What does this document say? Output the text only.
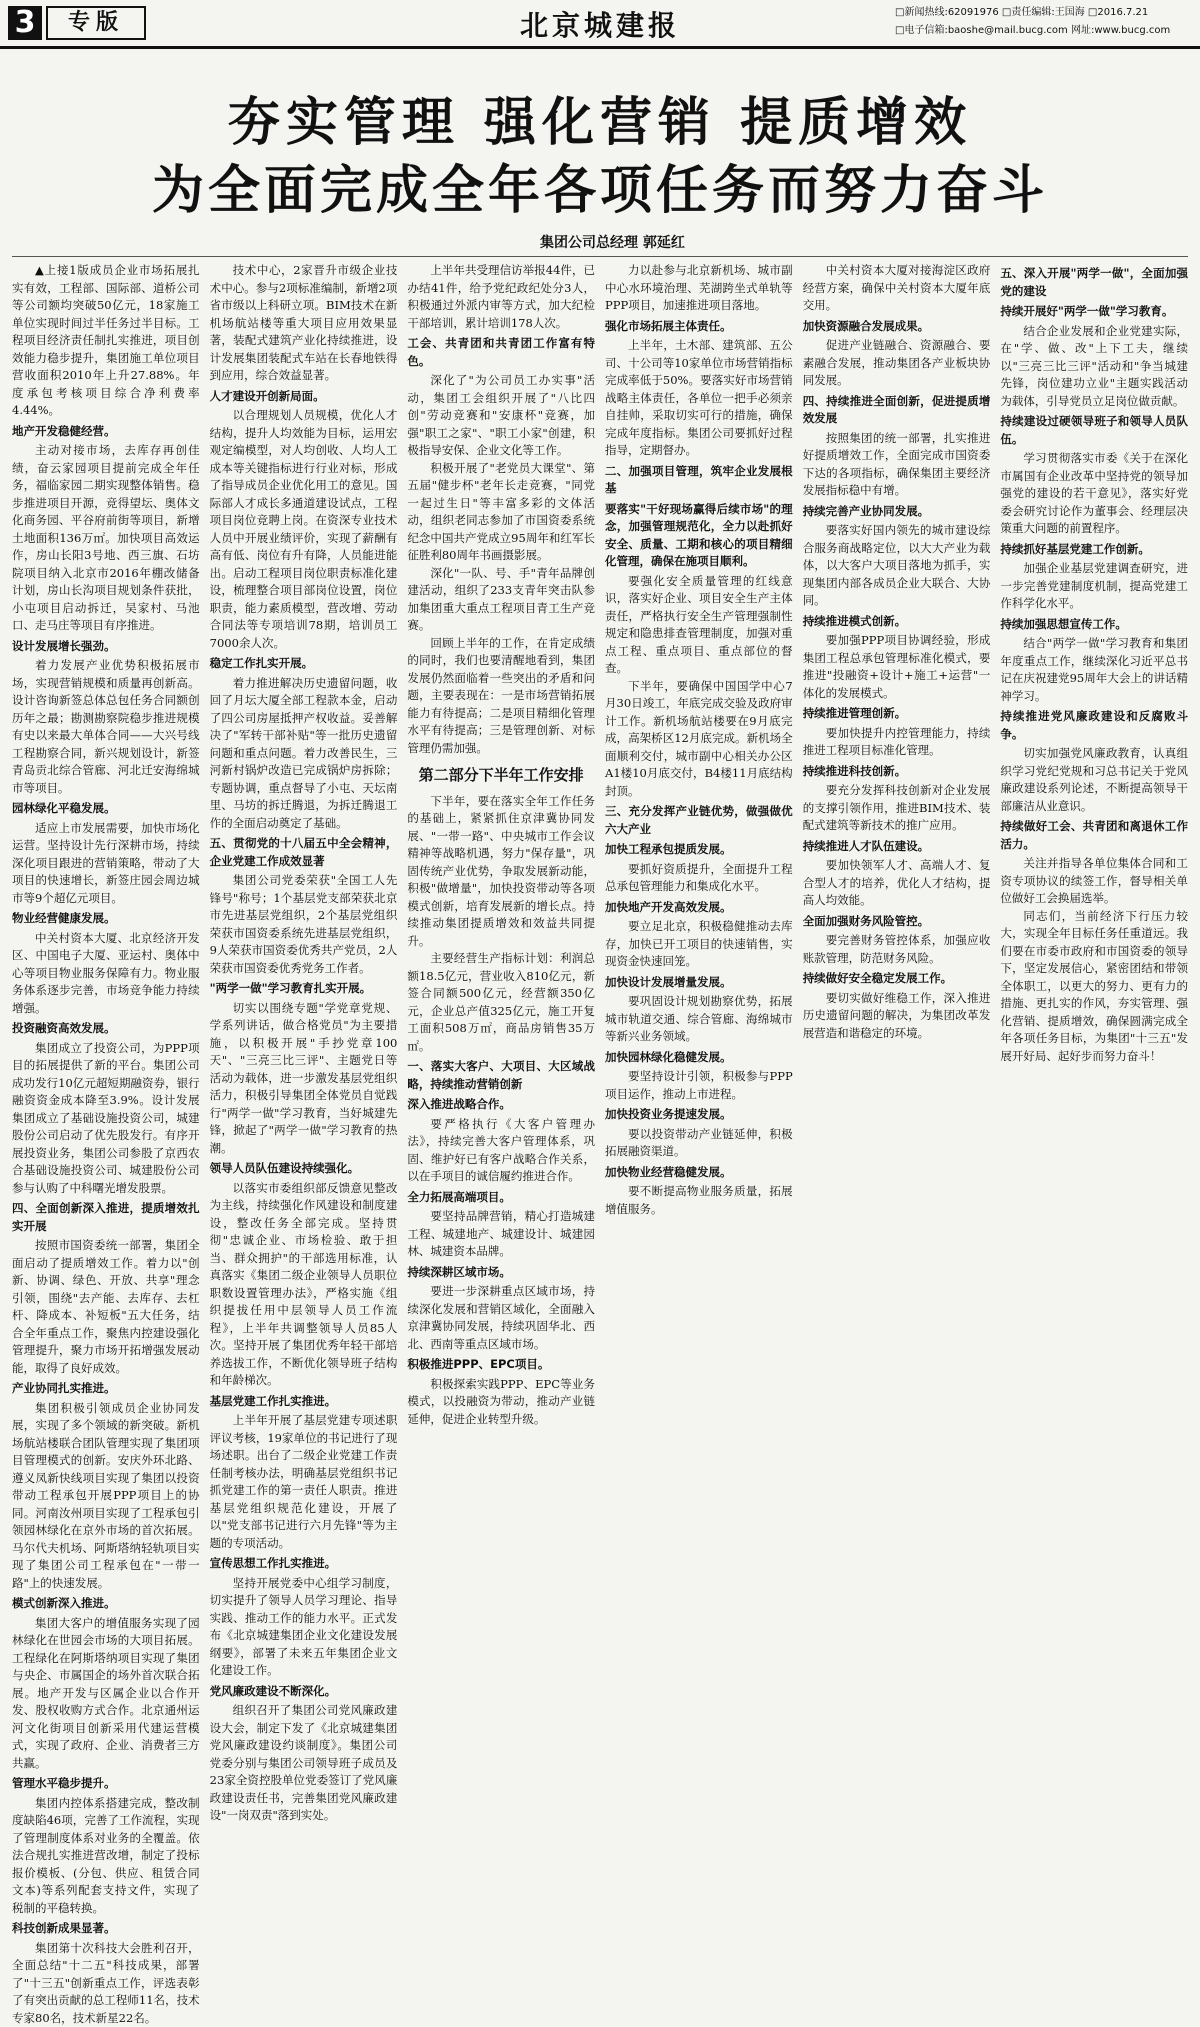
3	专版	北京城建报	□新闻热线:62091976 □责任编辑:王国海 □2016.7.21
□电子信箱:baoshe@mail.bucg.com 网址:www.bucg.com
夯实管理 强化营销 提质增效
为全面完成全年各项任务而努力奋斗
集团公司总经理 郭延红

▲上接1版成员企业市场拓展扎实有效，工程部、国际部、道桥公司等公司额均突破50亿元，18家施工单位实现时间过半任务过半目标。工程项目经济责任制扎实推进，项目创效能力稳步提升，集团施工单位项目营收面积2010年上升27.88%。年度承包考核项目综合净利费率4.44%。

地产开发稳健经营。

主动对接市场，去库存再创佳绩，奋云家园项目提前完成全年任务，福临家园二期实现整体销售。稳步推进项目开源，竞得望坛、奥体文化商务园、平谷府前街等项目，新增土地面积136万㎡。加快项目高效运作，房山长阳3号地、西三旗、石坊院项目纳入北京市2016年棚改储备计划，房山长沟项目规划条件获批，小屯项目启动拆迁，吴家村、马池口、走马庄等项目有序推进。

设计发展增长强劲。

着力发展产业优势积极拓展市场，实现营销规模和质量再创新高。设计咨询新签总体总包任务合同额创历年之最；勘测勘察院稳步推进规模有史以来最大单体合同——大兴号线工程勘察合同，新兴规划设计，新签青岛贡北综合管廊、河北迁安海绵城市等项目。

园林绿化平稳发展。

适应上市发展需要，加快市场化运营。坚持设计先行深耕市场，持续深化项目跟进的营销策略，带动了大项目的快速增长，新签庄园会周边城市等9个超亿元项目。

物业经营健康发展。

中关村资本大厦、北京经济开发区、中国电子大厦、亚运村、奥体中心等项目物业服务保障有力。物业服务体系逐步完善，市场竞争能力持续增强。

投资融资高效发展。

集团成立了投资公司，为PPP项目的拓展提供了新的平台。集团公司成功发行10亿元超短期融资券，银行融资资金成本降至3.9%。设计发展集团成立了基础设施投资公司，城建股份公司启动了优先股发行。有序开展投资业务，集团公司参股了京西农合基础设施投资公司、城建股份公司参与认购了中科曙光增发股票。

四、全面创新深入推进，提质增效扎实开展

按照市国资委统一部署，集团全面启动了提质增效工作。着力以"创新、协调、绿色、开放、共享"理念引领，围绕"去产能、去库存、去杠杆、降成本、补短板"五大任务，结合全年重点工作，聚焦内控建设强化管理提升，聚力市场开拓增强发展动能，取得了良好成效。

产业协同扎实推进。

集团积极引领成员企业协同发展，实现了多个领域的新突破。新机场航站楼联合团队管理实现了集团项目管理模式的创新。安庆外环北路、遵义凤新快线项目实现了集团以投资带动工程承包开展PPP项目上的协同。河南汝州项目实现了工程承包引领园林绿化在京外市场的首次拓展。马尔代夫机场、阿斯塔纳轻轨项目实现了集团公司工程承包在"一带一路"上的快速发展。

模式创新深入推进。

集团大客户的增值服务实现了园林绿化在世园会市场的大项目拓展。工程绿化在阿斯塔纳项目实现了集团与央企、市属国企的场外首次联合拓展。地产开发与区属企业以合作开发、股权收购方式合作。北京通州运河文化街项目创新采用代建运营模式，实现了政府、企业、消费者三方共赢。

管理水平稳步提升。

集团内控体系搭建完成，整改制度缺陷46项，完善了工作流程，实现了管理制度体系对业务的全覆盖。依法合规扎实推进营改增，制定了投标报价模板、(分包、供应、租赁合同文本)等系列配套支持文件，实现了税制的平稳转换。

科技创新成果显著。

集团第十次科技大会胜利召开，全面总结"十二五"科技成果，部署了"十三五"创新重点工作，评选表彰了有突出贡献的总工程师11名，技术专家80名，技术新星22名。

技术中心，2家晋升市级企业技术中心。参与2项标准编制，新增2项省市级以上科研立项。BIM技术在新机场航站楼等重大项目应用效果显著，装配式建筑产业化持续推进，设计发展集团装配式车站在长春地铁得到应用，综合效益显著。

人才建设开创新局面。

以合理规划人员规模，优化人才结构，提升人均效能为目标，运用宏观定编模型，对人均创收、人均人工成本等关键指标进行行业对标，形成了指导成员企业优化用工的意见。国际部人才成长多通道建设试点，工程项目岗位竞聘上岗。在资深专业技术人员中开展业绩评价，实现了薪酬有高有低、岗位有升有降，人员能进能出。启动工程项目岗位职责标准化建设，梳理整合项目部岗位设置，岗位职责，能力素质模型，营改增、劳动合同法等专项培训78期，培训员工7000余人次。

稳定工作扎实开展。

着力推进解决历史遗留问题，收回了月坛大厦全部工程款本金，启动了四公司房屋抵押产权收益。妥善解决了"军转干部补贴"等一批历史遗留问题和重点问题。着力改善民生，三河新村锅炉改造已完成锅炉房拆除；专题协调，重点督导了小屯、天坛南里、马坊的拆迁腾退，为拆迁腾退工作的全面启动奠定了基础。

五、贯彻党的十八届五中全会精神，企业党建工作成效显著

集团公司党委荣获"全国工人先锋号"称号；1个基层党支部荣获北京市先进基层党组织，2个基层党组织荣获市国资委系统先进基层党组织，9人荣获市国资委优秀共产党员，2人荣获市国资委优秀党务工作者。

"两学一做"学习教育扎实开展。

切实以围绕专题"学党章党规、学系列讲话，做合格党员"为主要措施，以积极开展"手抄党章100天"、"三亮三比三评"、主题党日等活动为载体，进一步激发基层党组织活力，积极引导集团全体党员自觉践行"两学一做"学习教育，当好城建先锋，掀起了"两学一做"学习教育的热潮。

领导人员队伍建设持续强化。

以落实市委组织部反馈意见整改为主线，持续强化作风建设和制度建设，整改任务全部完成。坚持贯彻"忠诚企业、市场检验、敢于担当、群众拥护"的干部选用标准，认真落实《集团二级企业领导人员职位职数设置管理办法》，严格实施《组织提拔任用中层领导人员工作流程》，上半年共调整领导人员85人次。坚持开展了集团优秀年轻干部培养选拔工作，不断优化领导班子结构和年龄梯次。

基层党建工作扎实推进。

上半年开展了基层党建专项述职评议考核，19家单位的书记进行了现场述职。出台了二级企业党建工作责任制考核办法，明确基层党组织书记抓党建工作的第一责任人职责。推进基层党组织规范化建设，开展了以"党支部书记进行六月先锋"等为主题的专项活动。

宣传思想工作扎实推进。

坚持开展党委中心组学习制度，切实提升了领导人员学习理论、指导实践、推动工作的能力水平。正式发布《北京城建集团企业文化建设发展纲要》，部署了未来五年集团企业文化建设工作。

党风廉政建设不断深化。

组织召开了集团公司党风廉政建设大会，制定下发了《北京城建集团党风廉政建设约谈制度》。集团公司党委分别与集团公司领导班子成员及23家全资控股单位党委签订了党风廉政建设责任书，完善集团党风廉政建设"一岗双责"落到实处。

上半年共受理信访举报44件，已办结41件，给予党纪政纪处分3人，积极通过外派内审等方式，加大纪检干部培训，累计培训178人次。

工会、共青团和共青团工作富有特色。

深化了"为公司员工办实事"活动，集团工会组织开展了"八比四创"劳动竞赛和"安康杯"竞赛，加强"职工之家"、"职工小家"创建，积极指导安保、企业文化等工作。

积极开展了"老党员大课堂"、第五届"健步杯"老年长走竞赛，"同党一起过生日"等丰富多彩的文体活动，组织老同志参加了市国资委系统纪念中国共产党成立95周年和红军长征胜利80周年书画摄影展。

深化"一队、号、手"青年品牌创建活动，组织了233支青年突击队参加集团重大重点工程项目青工生产竞赛。

回顾上半年的工作，在肯定成绩的同时，我们也要清醒地看到，集团发展仍然面临着一些突出的矛盾和问题，主要表现在：一是市场营销拓展能力有待提高；二是项目精细化管理水平有待提高；三是管理创新、对标管理仍需加强。

第二部分下半年工作安排

下半年，要在落实全年工作任务的基础上，紧紧抓住京津冀协同发展、"一带一路"、中央城市工作会议精神等战略机遇，努力"保存量"，巩固传统产业优势，争取发展新动能，积极"做增量"，加快投资带动等各项模式创新，培育发展新的增长点。持续推动集团提质增效和效益共同提升。

主要经营生产指标计划：利润总额18.5亿元，营业收入810亿元，新签合同额500亿元，经营额350亿元，企业总产值325亿元，施工开复工面积508万㎡，商品房销售35万㎡。

一、落实大客户、大项目、大区域战略，持续推动营销创新

深入推进战略合作。

要严格执行《大客户管理办法》，持续完善大客户管理体系，巩固、维护好已有客户战略合作关系，以在手项目的诚信履约推进合作。

全力拓展高端项目。

要坚持品牌营销，精心打造城建工程、城建地产、城建设计、城建园林、城建资本品牌。

持续深耕区域市场。

要进一步深耕重点区域市场，持续深化发展和营销区域化，全面融入京津冀协同发展，持续巩固华北、西北、西南等重点区域市场。

积极推进PPP、EPC项目。

积极探索实践PPP、EPC等业务模式，以投融资为带动，推动产业链延伸，促进企业转型升级。

力以赴参与北京新机场、城市副中心水环境治理、芜湖跨坐式单轨等PPP项目，加速推进项目落地。

强化市场拓展主体责任。

上半年，土木部、建筑部、五公司、十公司等10家单位市场营销指标完成率低于50%。要落实好市场营销战略主体责任，各单位一把手必须亲自挂帅，采取切实可行的措施，确保完成年度指标。集团公司要抓好过程指导，定期督办。

二、加强项目管理，筑牢企业发展根基

要落实"干好现场赢得后续市场"的理念，加强管理规范化，全力以赴抓好安全、质量、工期和核心的项目精细化管理，确保在施项目顺利。

要强化安全质量管理的红线意识，落实好企业、项目安全生产主体责任，严格执行安全生产管理强制性规定和隐患排查管理制度，加强对重点工程、重点项目、重点部位的督查。

下半年，要确保中国国学中心7月30日竣工，年底完成交验及政府审计工作。新机场航站楼要在9月底完成，高架桥区12月底完成。新机场全面顺利交付，城市副中心相关办公区A1楼10月底交付，B4楼11月底结构封顶。

三、充分发挥产业链优势，做强做优六大产业

加快工程承包提质发展。

要抓好资质提升，全面提升工程总承包管理能力和集成化水平。

加快地产开发高效发展。

要立足北京，积极稳健推动去库存，加快已开工项目的快速销售，实现资金快速回笼。

加快设计发展增量发展。

要巩固设计规划勘察优势，拓展城市轨道交通、综合管廊、海绵城市等新兴业务领域。

加快园林绿化稳健发展。

要坚持设计引领，积极参与PPP项目运作，推动上市进程。

加快投资业务提速发展。

要以投资带动产业链延伸，积极拓展融资渠道。

加快物业经营稳健发展。

要不断提高物业服务质量，拓展增值服务。

中关村资本大厦对接海淀区政府经营方案，确保中关村资本大厦年底交用。

加快资源融合发展成果。

促进产业链融合、资源融合、要素融合发展，推动集团各产业板块协同发展。

四、持续推进全面创新，促进提质增效发展

按照集团的统一部署，扎实推进好提质增效工作，全面完成市国资委下达的各项指标，确保集团主要经济发展指标稳中有增。

持续完善产业协同发展。

要落实好国内领先的城市建设综合服务商战略定位，以大大产业为载体，以大客户大项目落地为抓手，实现集团内部各成员企业大联合、大协同。

持续推进模式创新。

要加强PPP项目协调经验，形成集团工程总承包管理标准化模式，要推进"投融资+设计+施工+运营"一体化的发展模式。

持续推进管理创新。

要加快提升内控管理能力，持续推进工程项目标准化管理。

持续推进科技创新。

要充分发挥科技创新对企业发展的支撑引领作用，推进BIM技术、装配式建筑等新技术的推广应用。

持续推进人才队伍建设。

要加快领军人才、高端人才、复合型人才的培养，优化人才结构，提高人均效能。

全面加强财务风险管控。

要完善财务管控体系，加强应收账款管理，防范财务风险。

持续做好安全稳定发展工作。

要切实做好维稳工作，深入推进历史遗留问题的解决，为集团改革发展营造和谐稳定的环境。

五、深入开展"两学一做"，全面加强党的建设

持续开展好"两学一做"学习教育。

结合企业发展和企业党建实际，在"学、做、改"上下工夫，继续以"三亮三比三评"活动和"争当城建先锋，岗位建功立业"主题实践活动为载体，引导党员立足岗位做贡献。

持续建设过硬领导班子和领导人员队伍。

学习贯彻落实市委《关于在深化市属国有企业改革中坚持党的领导加强党的建设的若干意见》，落实好党委会研究讨论作为董事会、经理层决策重大问题的前置程序。

持续抓好基层党建工作创新。

加强企业基层党建调查研究，进一步完善党建制度机制，提高党建工作科学化水平。

持续加强思想宣传工作。

结合"两学一做"学习教育和集团年度重点工作，继续深化习近平总书记在庆祝建党95周年大会上的讲话精神学习。

持续推进党风廉政建设和反腐败斗争。

切实加强党风廉政教育，认真组织学习党纪党规和习总书记关于党风廉政建设系列论述，不断提高领导干部廉洁从业意识。

持续做好工会、共青团和离退休工作活力。

关注并指导各单位集体合同和工资专项协议的续签工作，督导相关单位做好工会换届选举。

同志们，当前经济下行压力较大，实现全年目标任务任重道远。我们要在市委市政府和市国资委的领导下，坚定发展信心，紧密团结和带领全体职工，以更大的努力、更有力的措施、更扎实的作风，夯实管理、强化营销、提质增效，确保圆满完成全年各项任务目标，为集团"十三五"发展开好局、起好步而努力奋斗！
